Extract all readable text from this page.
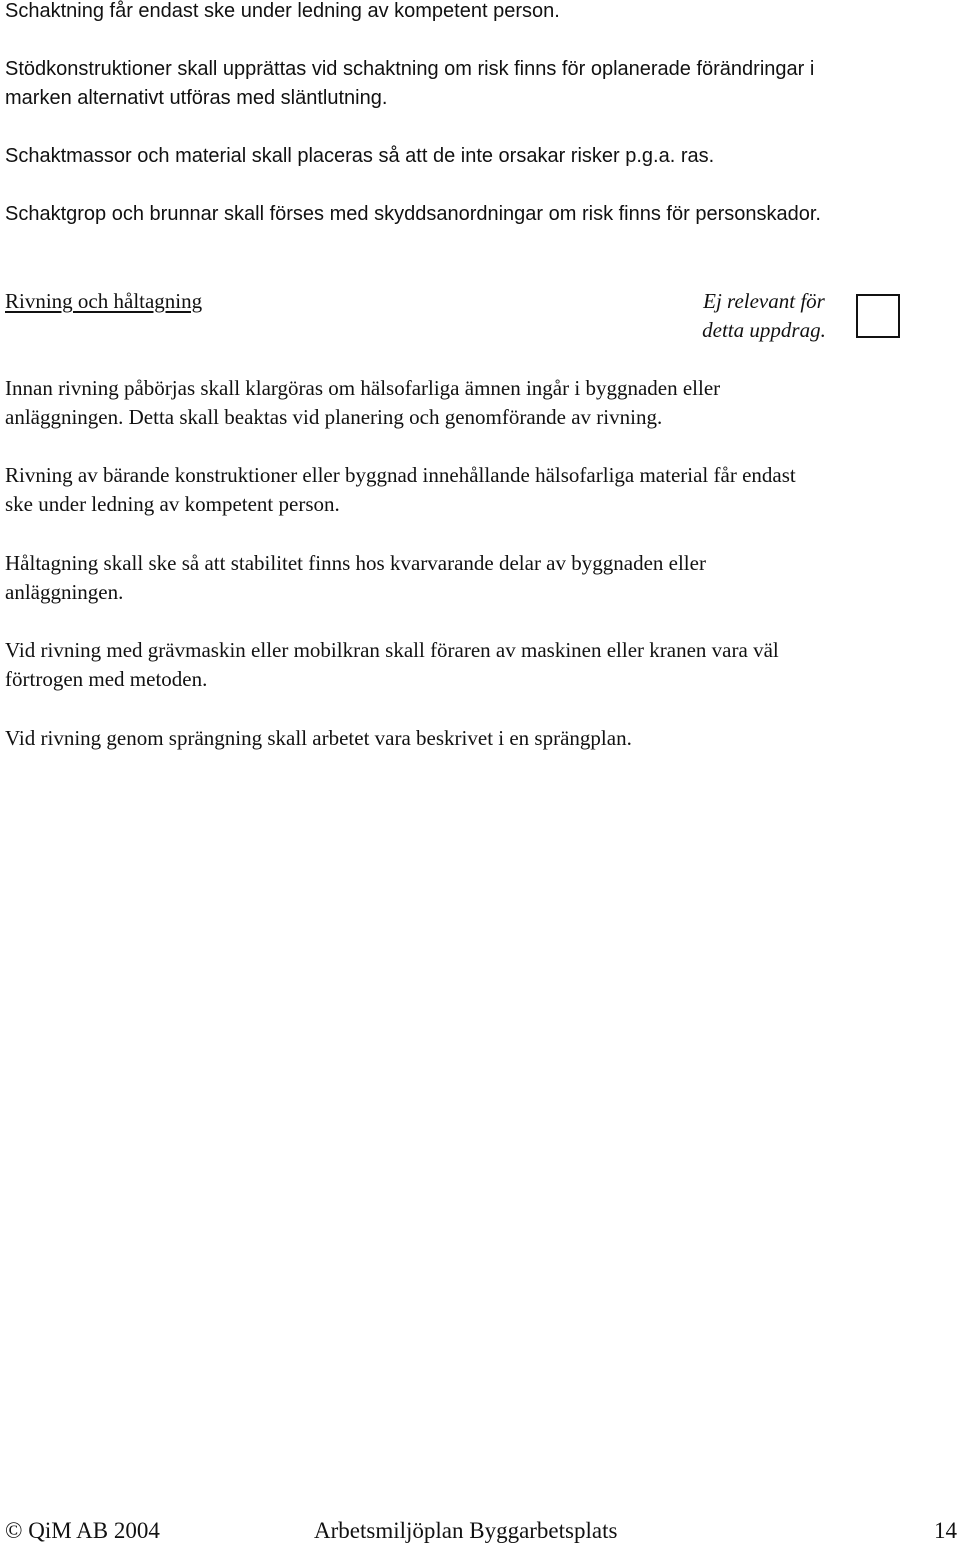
Schaktning får endast ske under ledning av kompetent person.

Stödkonstruktioner skall upprättas vid schaktning om risk finns för oplanerade förändringar i

marken alternativt utföras med släntlutning.

Schaktmassor och material skall placeras så att de inte orsakar risker p.g.a. ras.

Schaktgrop och brunnar skall förses med skyddsanordningar om risk finns för personskador.

Rivning och håltagning	Ej relevant för
detta uppdrag.

Innan rivning påbörjas skall klargöras om hälsofarliga ämnen ingår i byggnaden eller

anläggningen. Detta skall beaktas vid planering och genomförande av rivning.

Rivning av bärande konstruktioner eller byggnad innehållande hälsofarliga material får endast

ske under ledning av kompetent person.

Håltagning skall ske så att stabilitet finns hos kvarvarande delar av byggnaden eller

anläggningen.

Vid rivning med grävmaskin eller mobilkran skall föraren av maskinen eller kranen vara väl

förtrogen med metoden.

Vid rivning genom sprängning skall arbetet vara beskrivet i en sprängplan.

© QiM AB 2004	Arbetsmiljöplan Byggarbetsplats	14
